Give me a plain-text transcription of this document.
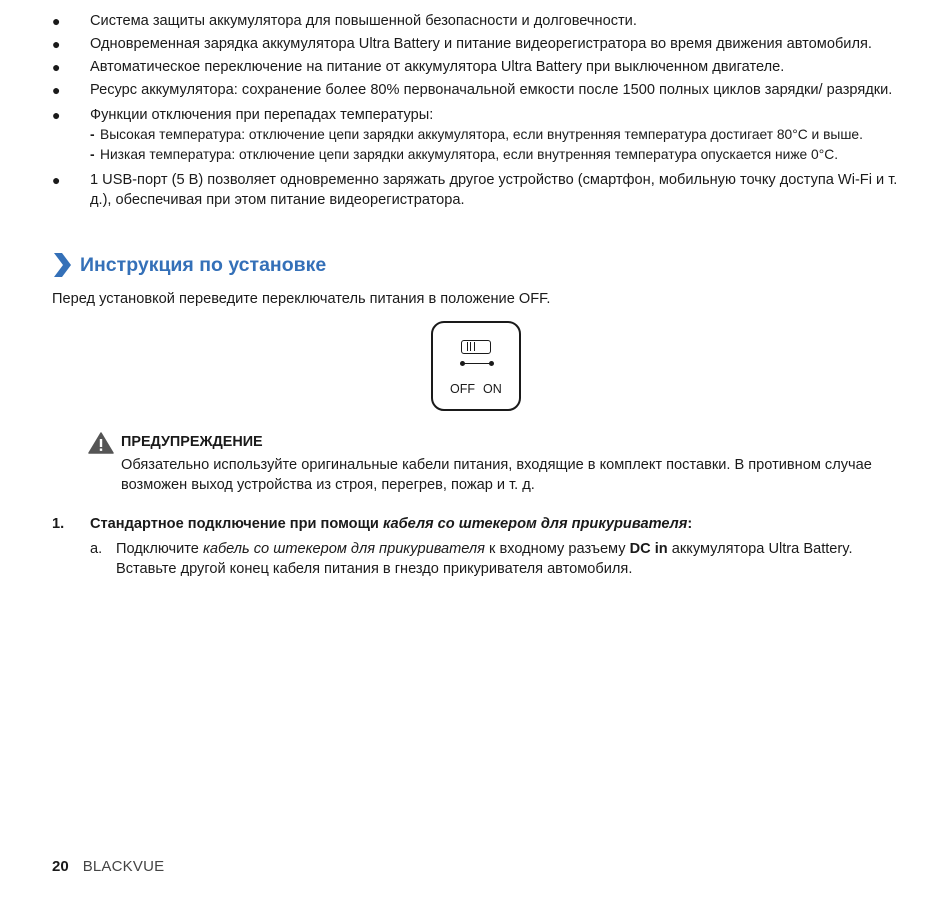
● Система защиты аккумулятора для повышенной безопасности и долговечности.
● Одновременная зарядка аккумулятора Ultra Battery и питание видеорегистратора во время движения автомобиля.
● Автоматическое переключение на питание от аккумулятора Ultra Battery при выключенном двигателе.
● Ресурс аккумулятора: сохранение более 80% первоначальной емкости после 1500 полных циклов зарядки/ разрядки.
● Функции отключения при перепадах температуры:
- Высокая температура: отключение цепи зарядки аккумулятора, если внутренняя температура достигает 80°С и выше.
- Низкая температура: отключение цепи зарядки аккумулятора, если внутренняя температура опускается ниже 0°С.
● 1 USB-порт (5 В) позволяет одновременно заряжать другое устройство (смартфон, мобильную точку доступа Wi-Fi и т. д.), обеспечивая при этом питание видеорегистратора.
Инструкция по установке
Перед установкой переведите переключатель питания в положение OFF.
OFF ON
ПРЕДУПРЕЖДЕНИЕ
Обязательно используйте оригинальные кабели питания, входящие в комплект поставки. В противном случае возможен выход устройства из строя, перегрев, пожар и т. д.
1. Стандартное подключение при помощи кабеля со штекером для прикуривателя:
a. Подключите кабель со штекером для прикуривателя к входному разъему DC in аккумулятора Ultra Battery. Вставьте другой конец кабеля питания в гнездо прикуривателя автомобиля.
20 BLACKVUE
